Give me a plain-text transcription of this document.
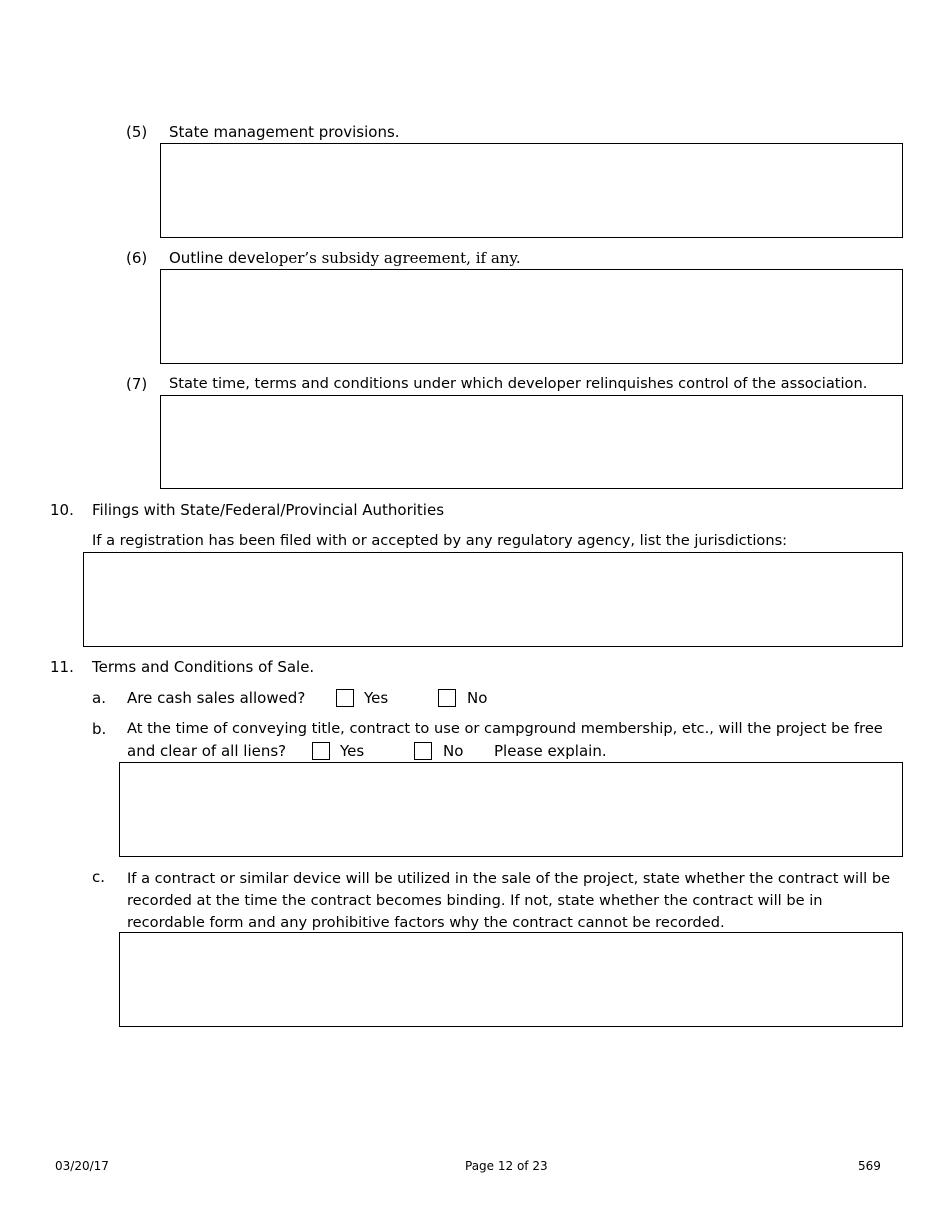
(5) State management provisions.
(6) Outline developer’s subsidy agreement, if any.
(7) State time, terms and conditions under which developer relinquishes control of the association.
10. Filings with State/Federal/Provincial Authorities
If a registration has been filed with or accepted by any regulatory agency, list the jurisdictions:
11. Terms and Conditions of Sale.
a. Are cash sales allowed?	Yes	No
b. At the time of conveying title, contract to use or campground membership, etc., will the project be free
and clear of all liens?	Yes	No Please explain.
c. If a contract or similar device will be utilized in the sale of the project, state whether the contract will be recorded at the time the contract becomes binding. If not, state whether the contract will be in recordable form and any prohibitive factors why the contract cannot be recorded.
03/20/17	Page 12 of 23	569
